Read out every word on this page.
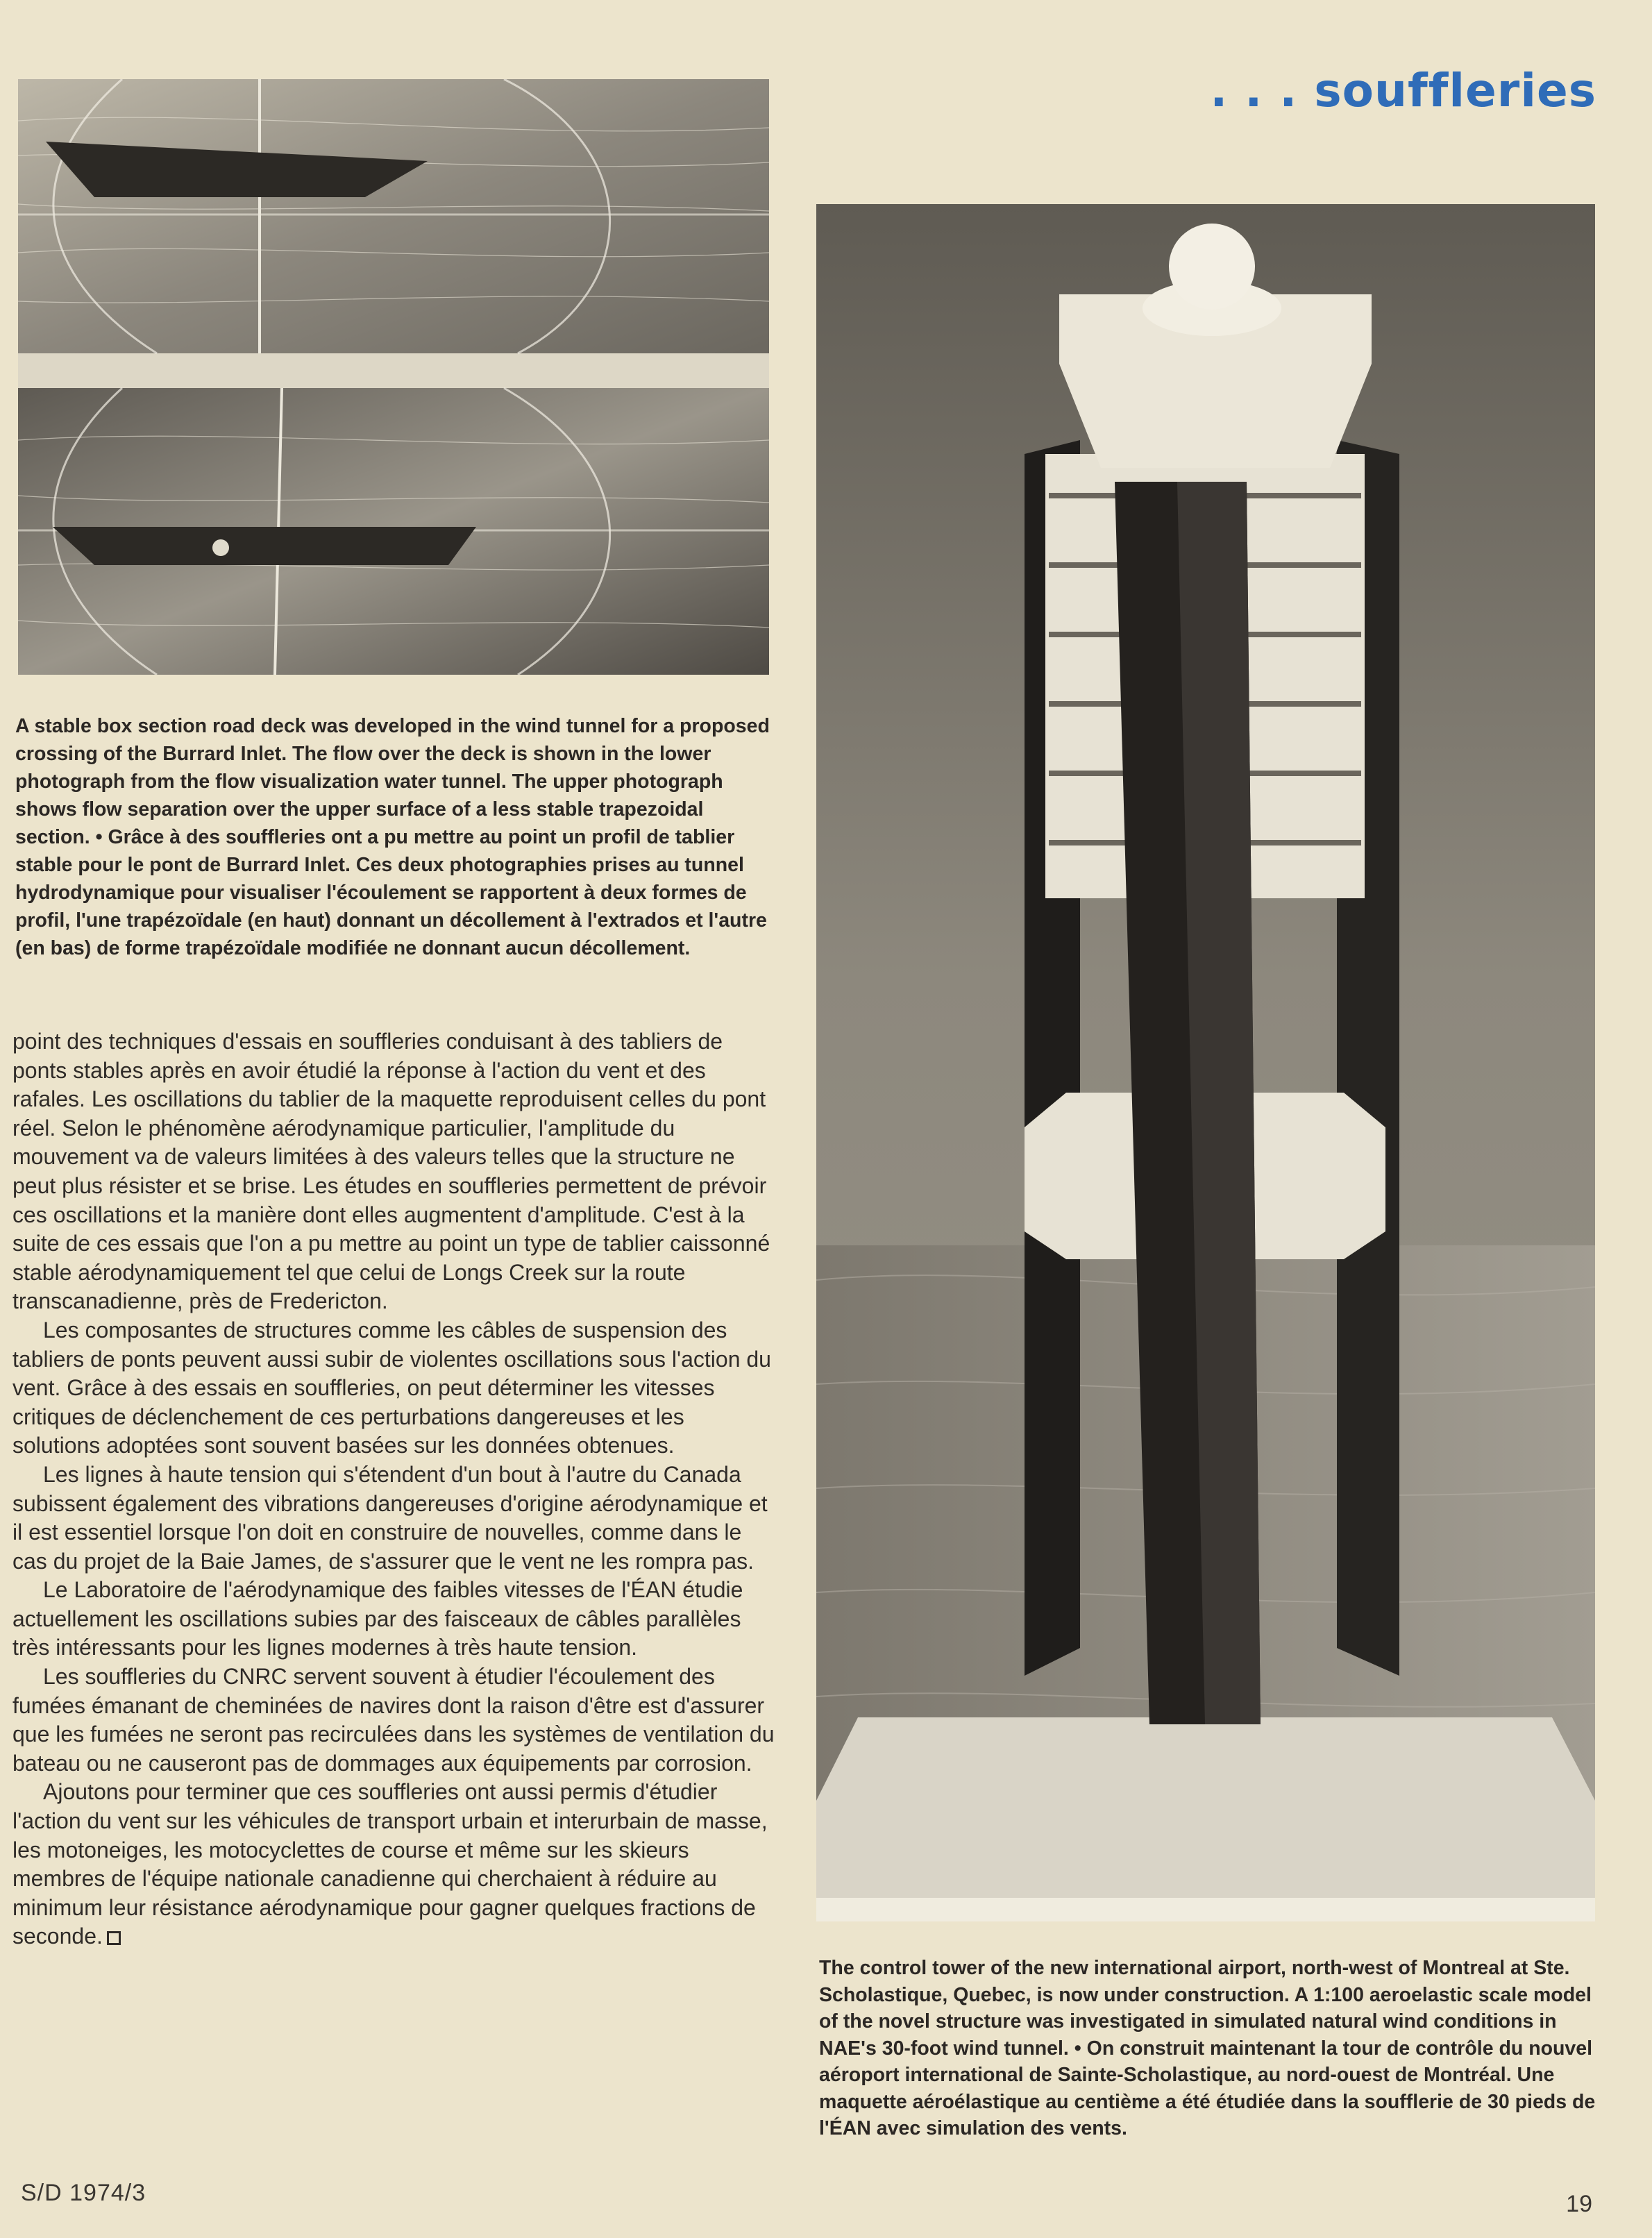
. . . souffleries
A stable box section road deck was developed in the wind tunnel for a proposed crossing of the Burrard Inlet. The flow over the deck is shown in the lower photograph from the flow visualization water tunnel. The upper photograph shows flow separation over the upper surface of a less stable trapezoidal section. • Grâce à des souffleries ont a pu mettre au point un profil de tablier stable pour le pont de Burrard Inlet. Ces deux photographies prises au tunnel hydrodynamique pour visualiser l'écoulement se rapportent à deux formes de profil, l'une trapézoïdale (en haut) donnant un décollement à l'extrados et l'autre (en bas) de forme trapézoïdale modifiée ne donnant aucun décollement.

point des techniques d'essais en souffleries conduisant à des tabliers de ponts stables après en avoir étudié la réponse à l'action du vent et des rafales. Les oscillations du tablier de la maquette reproduisent celles du pont réel. Selon le phénomène aérodynamique particulier, l'amplitude du mouvement va de valeurs limitées à des valeurs telles que la structure ne peut plus résister et se brise. Les études en souffleries permettent de prévoir ces oscillations et la manière dont elles augmentent d'amplitude. C'est à la suite de ces essais que l'on a pu mettre au point un type de tablier caissonné stable aérodynamiquement tel que celui de Longs Creek sur la route transcanadienne, près de Fredericton.

Les composantes de structures comme les câbles de suspension des tabliers de ponts peuvent aussi subir de violentes oscillations sous l'action du vent. Grâce à des essais en souffleries, on peut déterminer les vitesses critiques de déclenchement de ces perturbations dangereuses et les solutions adoptées sont souvent basées sur les données obtenues.

Les lignes à haute tension qui s'étendent d'un bout à l'autre du Canada subissent également des vibrations dangereuses d'origine aérodynamique et il est essentiel lorsque l'on doit en construire de nouvelles, comme dans le cas du projet de la Baie James, de s'assurer que le vent ne les rompra pas.

Le Laboratoire de l'aérodynamique des faibles vitesses de l'ÉAN étudie actuellement les oscillations subies par des faisceaux de câbles parallèles très intéressants pour les lignes modernes à très haute tension.

Les souffleries du CNRC servent souvent à étudier l'écoulement des fumées émanant de cheminées de navires dont la raison d'être est d'assurer que les fumées ne seront pas recirculées dans les systèmes de ventilation du bateau ou ne causeront pas de dommages aux équipements par corrosion.

Ajoutons pour terminer que ces souffleries ont aussi permis d'étudier l'action du vent sur les véhicules de transport urbain et interurbain de masse, les motoneiges, les motocyclettes de course et même sur les skieurs membres de l'équipe nationale canadienne qui cherchaient à réduire au minimum leur résistance aérodynamique pour gagner quelques fractions de seconde.

The control tower of the new international airport, north-west of Montreal at Ste. Scholastique, Quebec, is now under construction. A 1:100 aeroelastic scale model of the novel structure was investigated in simulated natural wind conditions in NAE's 30-foot wind tunnel. • On construit maintenant la tour de contrôle du nouvel aéroport international de Sainte-Scholastique, au nord-ouest de Montréal. Une maquette aéroélastique au centième a été étudiée dans la soufflerie de 30 pieds de l'ÉAN avec simulation des vents.
S/D 1974/3	19
